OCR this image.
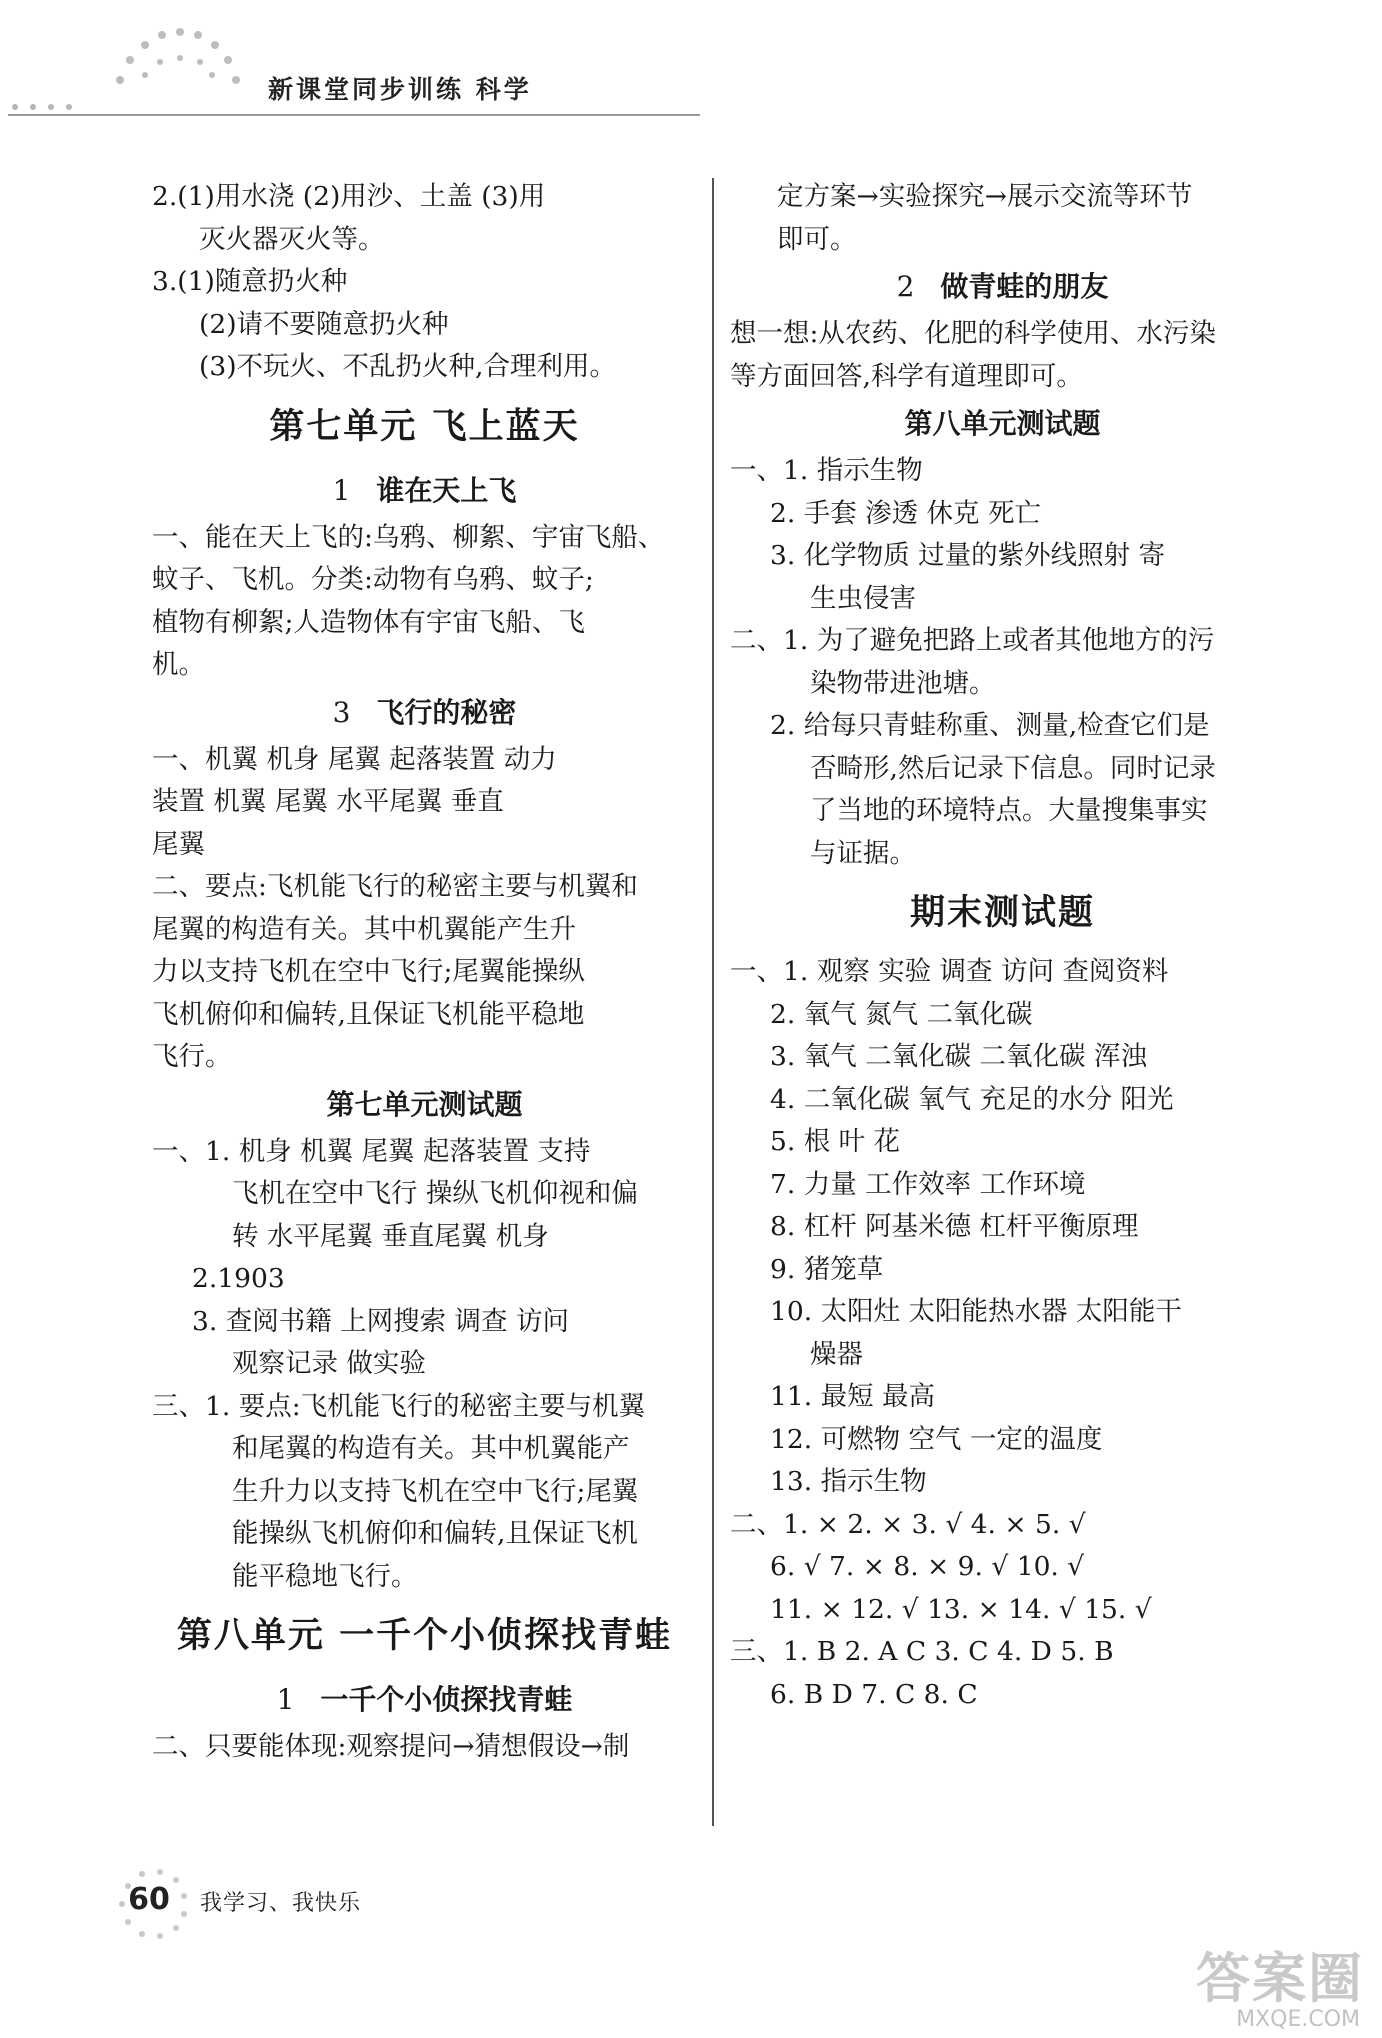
新课堂同步训练 科学
2.(1)用水浇 (2)用沙、土盖 (3)用
灭火器灭火等。
3.(1)随意扔火种
(2)请不要随意扔火种
(3)不玩火、不乱扔火种,合理利用。
第七单元 飞上蓝天
1 谁在天上飞
一、能在天上飞的:乌鸦、柳絮、宇宙飞船、
蚊子、飞机。分类:动物有乌鸦、蚊子;
植物有柳絮;人造物体有宇宙飞船、飞
机。
3 飞行的秘密
一、机翼 机身 尾翼 起落装置 动力
装置 机翼 尾翼 水平尾翼 垂直
尾翼
二、要点:飞机能飞行的秘密主要与机翼和
尾翼的构造有关。其中机翼能产生升
力以支持飞机在空中飞行;尾翼能操纵
飞机俯仰和偏转,且保证飞机能平稳地
飞行。
第七单元测试题
一、1. 机身 机翼 尾翼 起落装置 支持
飞机在空中飞行 操纵飞机仰视和偏
转 水平尾翼 垂直尾翼 机身
2.1903
3. 查阅书籍 上网搜索 调查 访问
观察记录 做实验
三、1. 要点:飞机能飞行的秘密主要与机翼
和尾翼的构造有关。其中机翼能产
生升力以支持飞机在空中飞行;尾翼
能操纵飞机俯仰和偏转,且保证飞机
能平稳地飞行。
第八单元 一千个小侦探找青蛙
1 一千个小侦探找青蛙
二、只要能体现:观察提问→猜想假设→制
定方案→实验探究→展示交流等环节
即可。
2 做青蛙的朋友
想一想:从农药、化肥的科学使用、水污染
等方面回答,科学有道理即可。
第八单元测试题
一、1. 指示生物
2. 手套 渗透 休克 死亡
3. 化学物质 过量的紫外线照射 寄
生虫侵害
二、1. 为了避免把路上或者其他地方的污
染物带进池塘。
2. 给每只青蛙称重、测量,检查它们是
否畸形,然后记录下信息。同时记录
了当地的环境特点。大量搜集事实
与证据。
期末测试题
一、1. 观察 实验 调查 访问 查阅资料
2. 氧气 氮气 二氧化碳
3. 氧气 二氧化碳 二氧化碳 浑浊
4. 二氧化碳 氧气 充足的水分 阳光
5. 根 叶 花
7. 力量 工作效率 工作环境
8. 杠杆 阿基米德 杠杆平衡原理
9. 猪笼草
10. 太阳灶 太阳能热水器 太阳能干
燥器
11. 最短 最高
12. 可燃物 空气 一定的温度
13. 指示生物
二、1. × 2. × 3. √ 4. × 5. √
6. √ 7. × 8. × 9. √ 10. √
11. × 12. √ 13. × 14. √ 15. √
三、1. B 2. A C 3. C 4. D 5. B
6. B D 7. C 8. C
60	我学习、我快乐
答案圈
MXQE.COM
